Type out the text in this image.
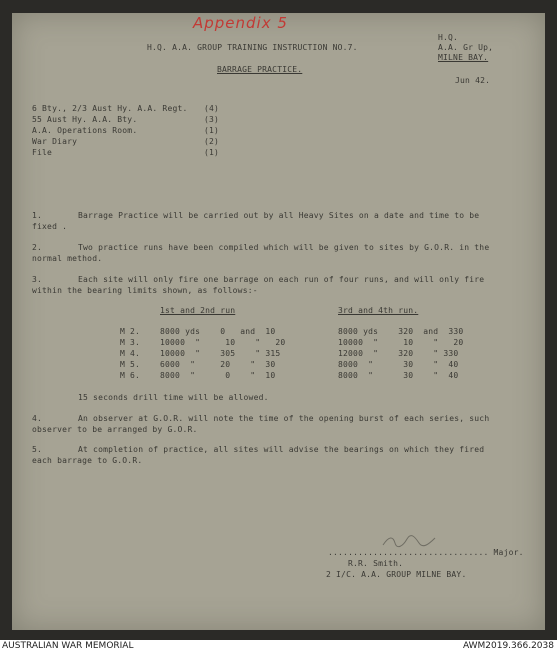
Appendix 5
H.Q. A.A. GROUP TRAINING INSTRUCTION NO.7.
H.Q.
A.A. Gr Up,
MILNE BAY.
Jun 42.
BARRAGE PRACTICE.
6 Bty., 2/3 Aust Hy. A.A. Regt. (4)
55 Aust Hy. A.A. Bty.	(3)
A.A. Operations Room.	(1)
War Diary	(2)
File	(1)
1.	Barrage Practice will be carried out by all Heavy Sites on a date and time to be
fixed .
2.	Two practice runs have been compiled which will be given to sites by G.O.R. in the
normal method.
3.	Each site will only fire one barrage on each run of four runs, and will only fire
within the bearing limits shown, as follows:-
1st and 2nd run	3rd and 4th run.
M 2. 8000 yds    0   and  10	8000 yds    320  and  330
M 3. 10000  "     10    "   20	10000  "     10    "   20
M 4. 10000  "    305    " 315	12000  "    320    " 330
M 5. 6000  "     20    "  30	8000  "      30    "  40
M 6. 8000  "      0    "  10	8000  "      30    "  40
15 seconds drill time will be allowed.
4.	An observer at G.O.R. will note the time of the opening burst of each series, such
observer to be arranged by G.O.R.
5.	At completion of practice, all sites will advise the bearings on which they fired
each barrage to G.O.R.
................................ Major.
R.R. Smith.
2 I/C. A.A. GROUP MILNE BAY.
AUSTRALIAN WAR MEMORIAL	AWM2019.366.2038
